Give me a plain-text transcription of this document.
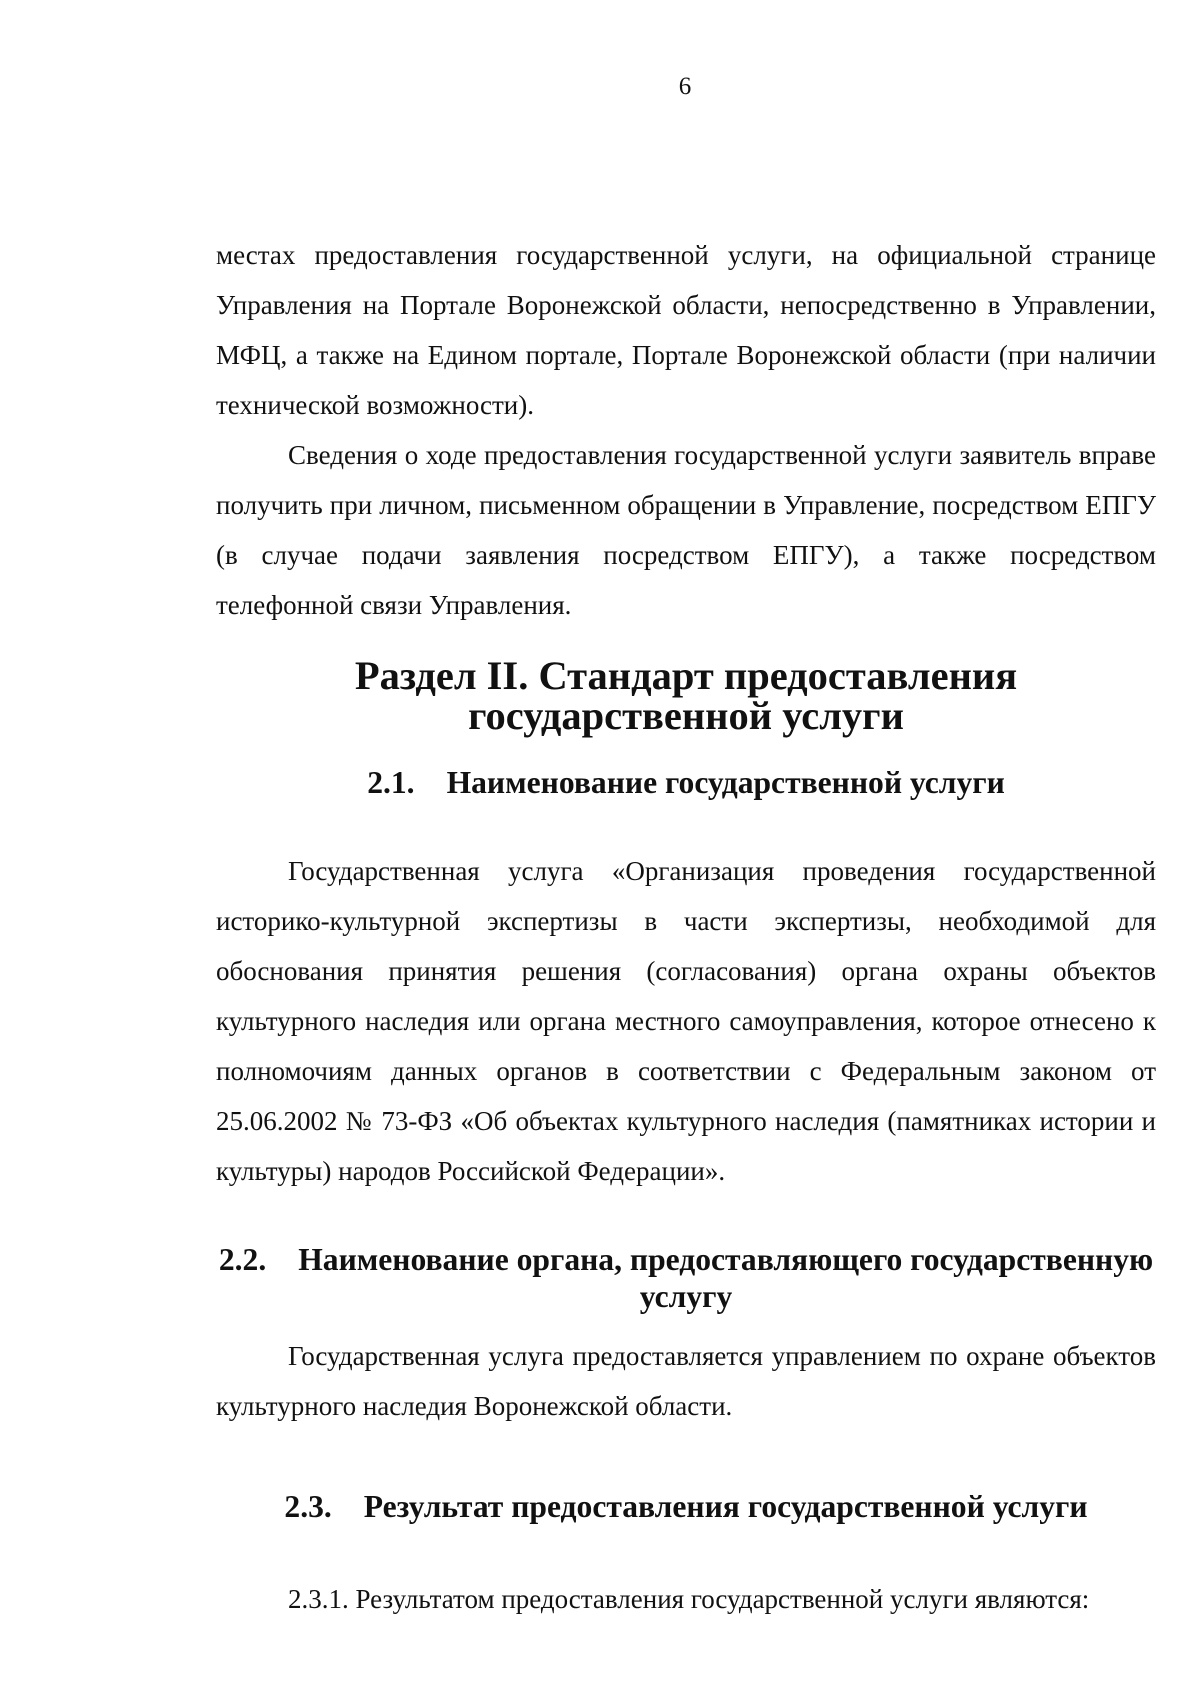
6

местах предоставления государственной услуги, на официальной странице Управления на Портале Воронежской области, непосредственно в Управлении, МФЦ, а также на Едином портале, Портале Воронежской области (при наличии технической возможности).

Сведения о ходе предоставления государственной услуги заявитель вправе получить при личном, письменном обращении в Управление, посредством ЕПГУ (в случае подачи заявления посредством ЕПГУ), а также посредством телефонной связи Управления.

Раздел II. Стандарт предоставления государственной услуги
2.1. Наименование государственной услуги

Государственная услуга «Организация проведения государственной историко-культурной экспертизы в части экспертизы, необходимой для обоснования принятия решения (согласования) органа охраны объектов культурного наследия или органа местного самоуправления, которое отнесено к полномочиям данных органов в соответствии с Федеральным законом от 25.06.2002 № 73-ФЗ «Об объектах культурного наследия (памятниках истории и культуры) народов Российской Федерации».

2.2. Наименование органа, предоставляющего государственную
услугу

Государственная услуга предоставляется управлением по охране объектов культурного наследия Воронежской области.

2.3. Результат предоставления государственной услуги

2.3.1. Результатом предоставления государственной услуги являются:
